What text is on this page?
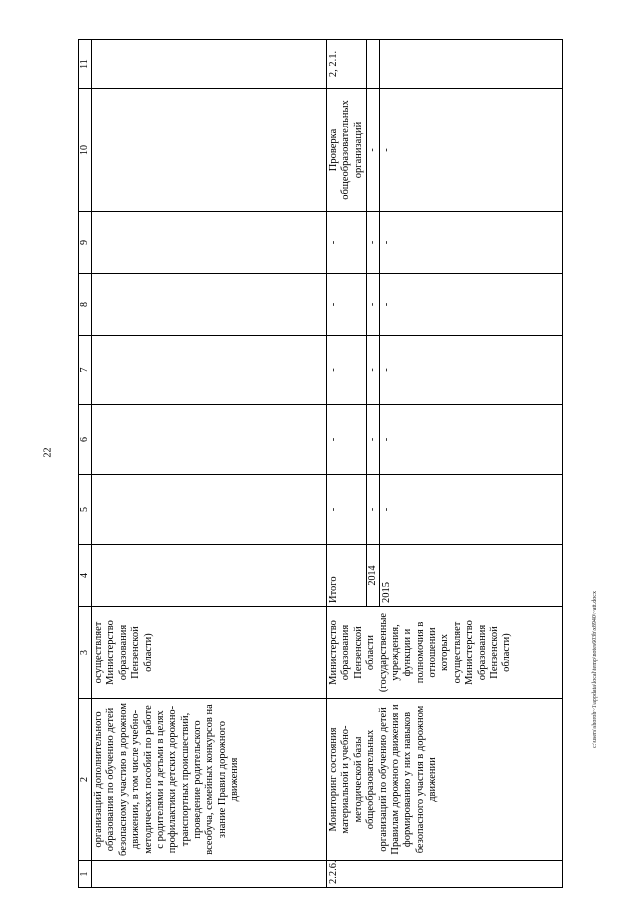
22
c:\users\shoroh~1\appdata\local\temp\notes603b\x8940\~att.docx
1	2	3	4	5	6	7	8	9	10	11
	организаций дополнительного образования по обучению детей безопасному участию в дорожном движении, в том числе учебно-методических пособий по работе с родителями и детьми в целях профилактики детских дорожно-транспортных происшествий, проведение родительского всеобуча, семейных конкурсов на знание Правил дорожного движения	осуществляет Министерство образования Пензенской области)								
2.2.6.	Мониторинг состояния материальной и учебно-методической базы общеобразовательных организаций по обучению детей Правилам дорожного движения и формированию у них навыков безопасного участия в дорожном движении	Министерство образования Пензенской области (государственные учреждения, функции и полномочия в отношении которых осуществляет Министерство образования Пензенской области)	Итого	-	-	-	-	-	Проверка общеобразовательных организаций	2, 2.1.
			2014	-	-	-	-	-	-	
			2015	-	-	-	-	-	-	
